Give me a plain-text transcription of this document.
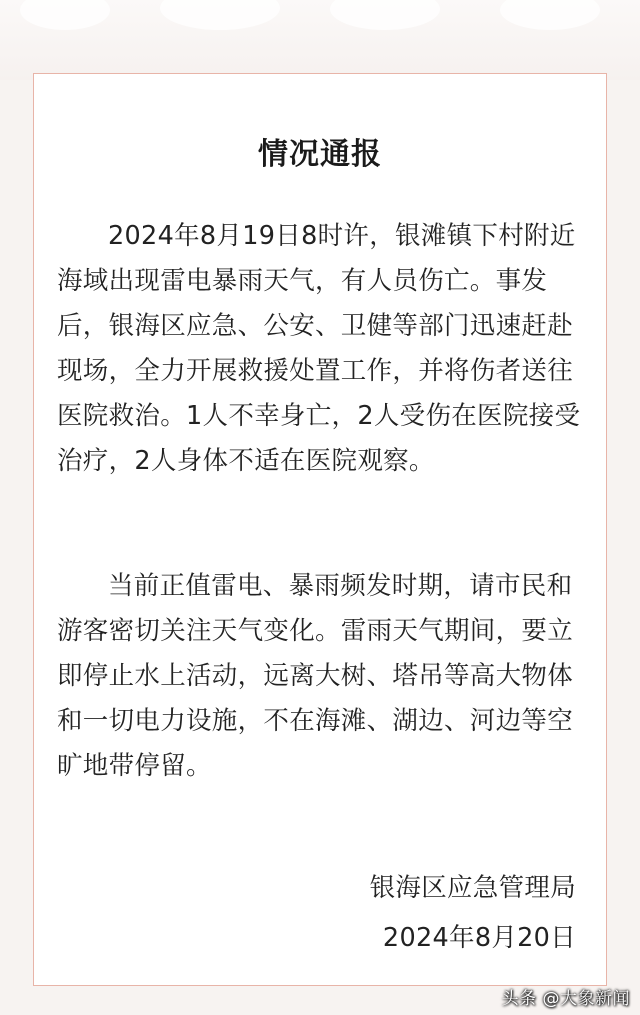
情况通报

2024年8月19日8时许，银滩镇下村附近海域出现雷电暴雨天气，有人员伤亡。事发后，银海区应急、公安、卫健等部门迅速赶赴现场，全力开展救援处置工作，并将伤者送往医院救治。1人不幸身亡，2人受伤在医院接受治疗，2人身体不适在医院观察。

当前正值雷电、暴雨频发时期，请市民和游客密切关注天气变化。雷雨天气期间，要立即停止水上活动，远离大树、塔吊等高大物体和一切电力设施，不在海滩、湖边、河边等空旷地带停留。

银海区应急管理局
2024年8月20日
头条 @大象新闻
